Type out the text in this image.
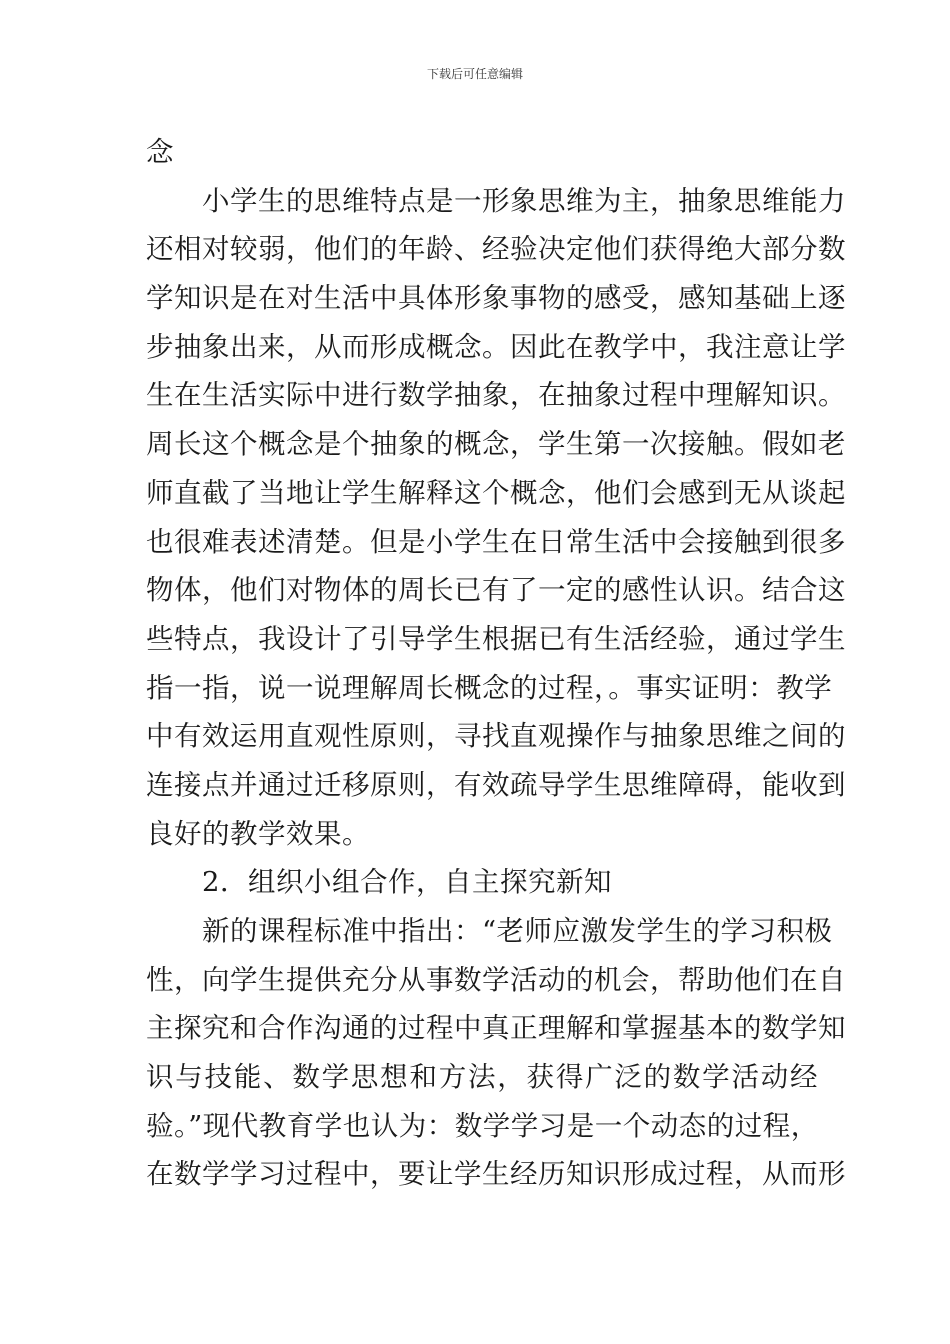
下载后可任意编辑
念
小学生的思维特点是一形象思维为主，抽象思维能力
还相对较弱，他们的年龄、经验决定他们获得绝大部分数
学知识是在对生活中具体形象事物的感受，感知基础上逐
步抽象出来，从而形成概念。因此在教学中，我注意让学
生在生活实际中进行数学抽象，在抽象过程中理解知识。
周长这个概念是个抽象的概念，学生第一次接触。假如老
师直截了当地让学生解释这个概念，他们会感到无从谈起
也很难表述清楚。但是小学生在日常生活中会接触到很多
物体，他们对物体的周长已有了一定的感性认识。结合这
些特点，我设计了引导学生根据已有生活经验，通过学生
指一指，说一说理解周长概念的过程，。事实证明：教学
中有效运用直观性原则，寻找直观操作与抽象思维之间的
连接点并通过迁移原则，有效疏导学生思维障碍，能收到
良好的教学效果。
2．组织小组合作，自主探究新知
新的课程标准中指出：“老师应激发学生的学习积极
性，向学生提供充分从事数学活动的机会，帮助他们在自
主探究和合作沟通的过程中真正理解和掌握基本的数学知
识与技能、数学思想和方法，获得广泛的数学活动经
验。”现代教育学也认为：数学学习是一个动态的过程，
在数学学习过程中，要让学生经历知识形成过程，从而形
